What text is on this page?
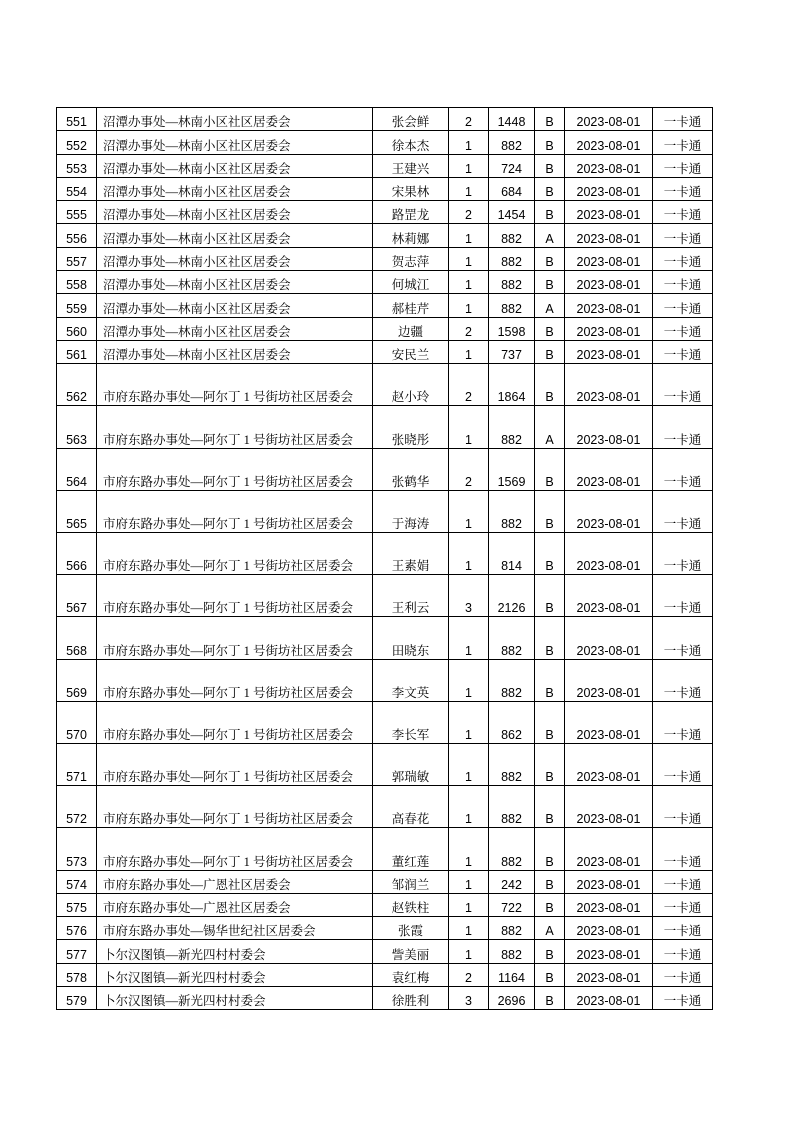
551	沼潭办事处—林南小区社区居委会	张会鲜	2	1448	B	2023-08-01	一卡通
552	沼潭办事处—林南小区社区居委会	徐本杰	1	882	B	2023-08-01	一卡通
553	沼潭办事处—林南小区社区居委会	王建兴	1	724	B	2023-08-01	一卡通
554	沼潭办事处—林南小区社区居委会	宋果林	1	684	B	2023-08-01	一卡通
555	沼潭办事处—林南小区社区居委会	路罡龙	2	1454	B	2023-08-01	一卡通
556	沼潭办事处—林南小区社区居委会	林莉娜	1	882	A	2023-08-01	一卡通
557	沼潭办事处—林南小区社区居委会	贺志萍	1	882	B	2023-08-01	一卡通
558	沼潭办事处—林南小区社区居委会	何城江	1	882	B	2023-08-01	一卡通
559	沼潭办事处—林南小区社区居委会	郝桂芹	1	882	A	2023-08-01	一卡通
560	沼潭办事处—林南小区社区居委会	边疆	2	1598	B	2023-08-01	一卡通
561	沼潭办事处—林南小区社区居委会	安民兰	1	737	B	2023-08-01	一卡通
562	市府东路办事处—阿尔丁 1 号街坊社区居委会	赵小玲	2	1864	B	2023-08-01	一卡通
563	市府东路办事处—阿尔丁 1 号街坊社区居委会	张晓彤	1	882	A	2023-08-01	一卡通
564	市府东路办事处—阿尔丁 1 号街坊社区居委会	张鹤华	2	1569	B	2023-08-01	一卡通
565	市府东路办事处—阿尔丁 1 号街坊社区居委会	于海涛	1	882	B	2023-08-01	一卡通
566	市府东路办事处—阿尔丁 1 号街坊社区居委会	王素娟	1	814	B	2023-08-01	一卡通
567	市府东路办事处—阿尔丁 1 号街坊社区居委会	王利云	3	2126	B	2023-08-01	一卡通
568	市府东路办事处—阿尔丁 1 号街坊社区居委会	田晓东	1	882	B	2023-08-01	一卡通
569	市府东路办事处—阿尔丁 1 号街坊社区居委会	李文英	1	882	B	2023-08-01	一卡通
570	市府东路办事处—阿尔丁 1 号街坊社区居委会	李长军	1	862	B	2023-08-01	一卡通
571	市府东路办事处—阿尔丁 1 号街坊社区居委会	郭瑞敏	1	882	B	2023-08-01	一卡通
572	市府东路办事处—阿尔丁 1 号街坊社区居委会	高春花	1	882	B	2023-08-01	一卡通
573	市府东路办事处—阿尔丁 1 号街坊社区居委会	董红莲	1	882	B	2023-08-01	一卡通
574	市府东路办事处—广恩社区居委会	邹润兰	1	242	B	2023-08-01	一卡通
575	市府东路办事处—广恩社区居委会	赵铁柱	1	722	B	2023-08-01	一卡通
576	市府东路办事处—锡华世纪社区居委会	张霞	1	882	A	2023-08-01	一卡通
577	卜尔汉图镇—新光四村村委会	訾美丽	1	882	B	2023-08-01	一卡通
578	卜尔汉图镇—新光四村村委会	袁红梅	2	1164	B	2023-08-01	一卡通
579	卜尔汉图镇—新光四村村委会	徐胜利	3	2696	B	2023-08-01	一卡通
